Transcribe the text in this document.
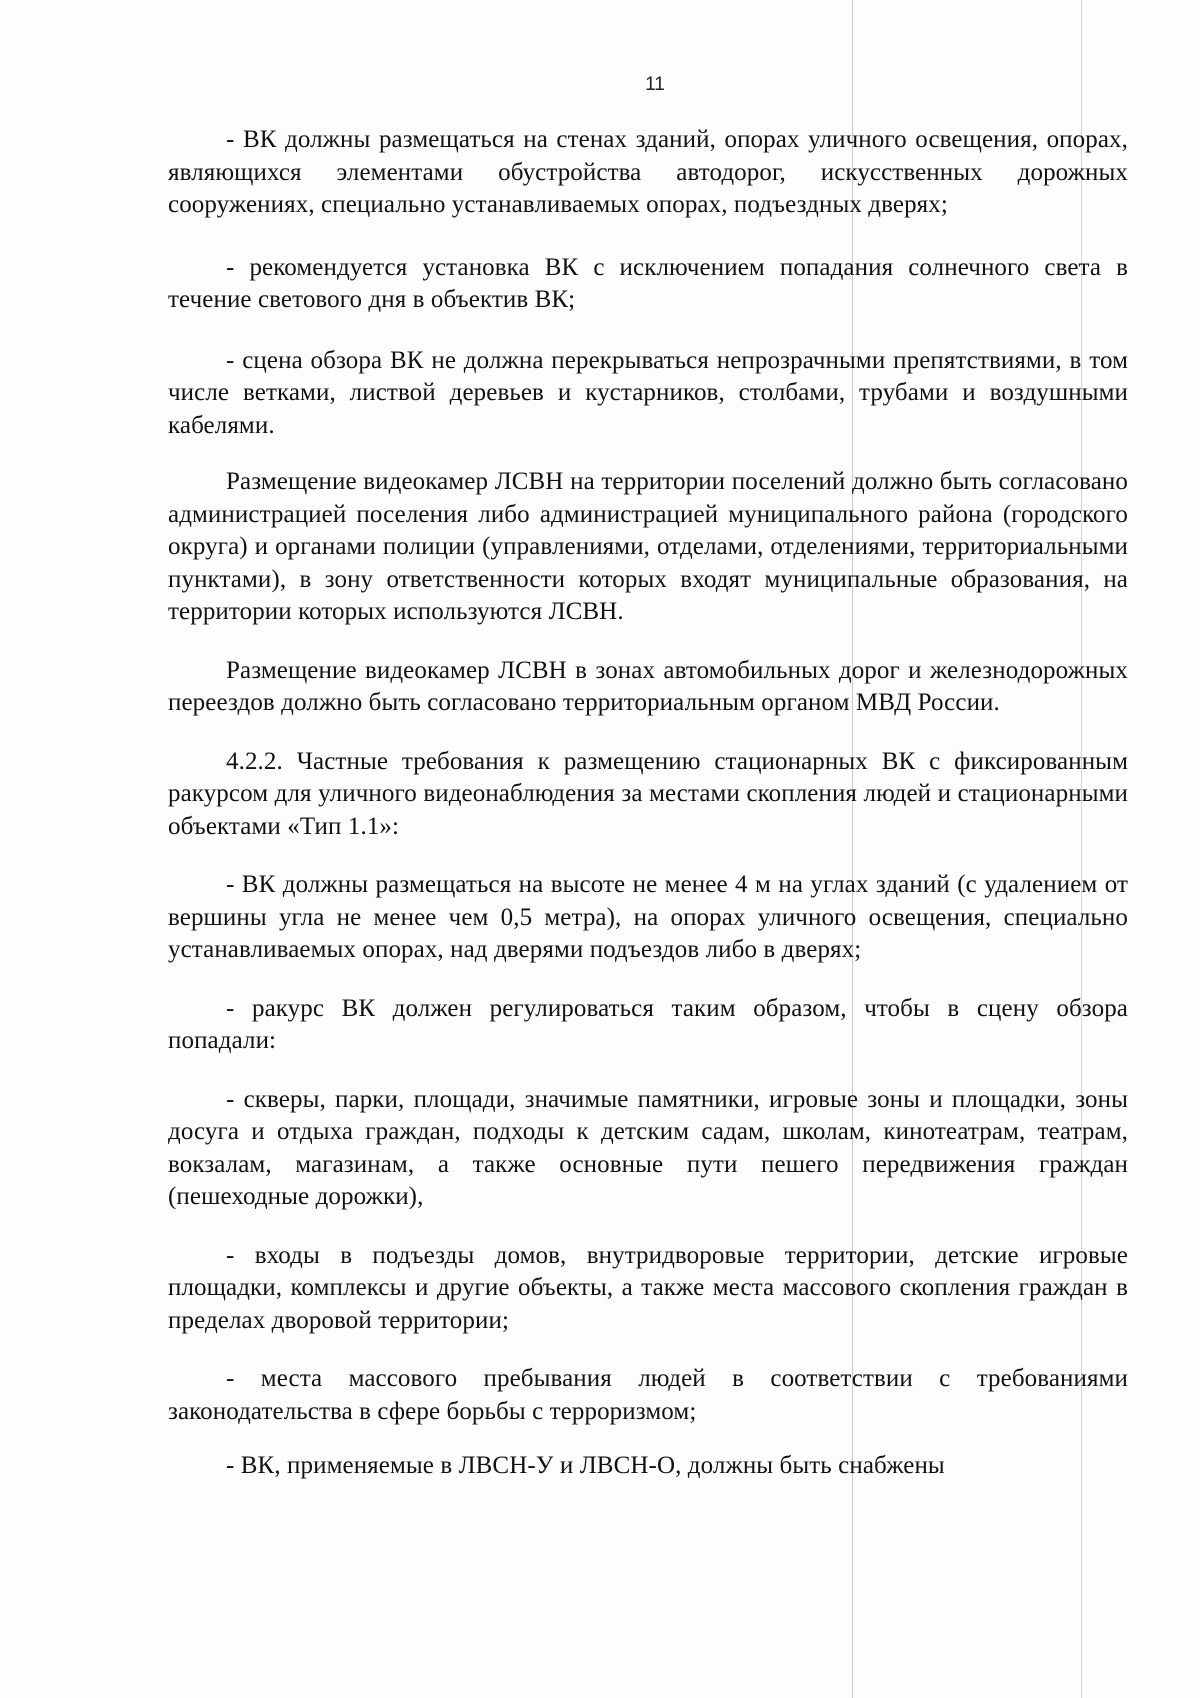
11

- ВК должны размещаться на стенах зданий, опорах уличного освещения, опорах, являющихся элементами обустройства автодорог, искусственных дорожных сооружениях, специально устанавливаемых опорах, подъездных дверях;

- рекомендуется установка ВК с исключением попадания солнечного света в течение светового дня в объектив ВК;

- сцена обзора ВК не должна перекрываться непрозрачными препятствиями, в том числе ветками, листвой деревьев и кустарников, столбами, трубами и воздушными кабелями.

Размещение видеокамер ЛСВН на территории поселений должно быть согласовано администрацией поселения либо администрацией муниципального района (городского округа) и органами полиции (управлениями, отделами, отделениями, территориальными пунктами), в зону ответственности которых входят муниципальные образования, на территории которых используются ЛСВН.

Размещение видеокамер ЛСВН в зонах автомобильных дорог и железнодорожных переездов должно быть согласовано территориальным органом МВД России.

4.2.2. Частные требования к размещению стационарных ВК с фиксированным ракурсом для уличного видеонаблюдения за местами скопления людей и стационарными объектами «Тип 1.1»:

- ВК должны размещаться на высоте не менее 4 м на углах зданий (с удалением от вершины угла не менее чем 0,5 метра), на опорах уличного освещения, специально устанавливаемых опорах, над дверями подъездов либо в дверях;

- ракурс ВК должен регулироваться таким образом, чтобы в сцену обзора попадали:

- скверы, парки, площади, значимые памятники, игровые зоны и площадки, зоны досуга и отдыха граждан, подходы к детским садам, школам, кинотеатрам, театрам, вокзалам, магазинам, а также основные пути пешего передвижения граждан (пешеходные дорожки),

- входы в подъезды домов, внутридворовые территории, детские игровые площадки, комплексы и другие объекты, а также места массового скопления граждан в пределах дворовой территории;

- места массового пребывания людей в соответствии с требованиями законодательства в сфере борьбы с терроризмом;

- ВК, применяемые в ЛВСН-У и ЛВСН-О, должны быть снабжены
